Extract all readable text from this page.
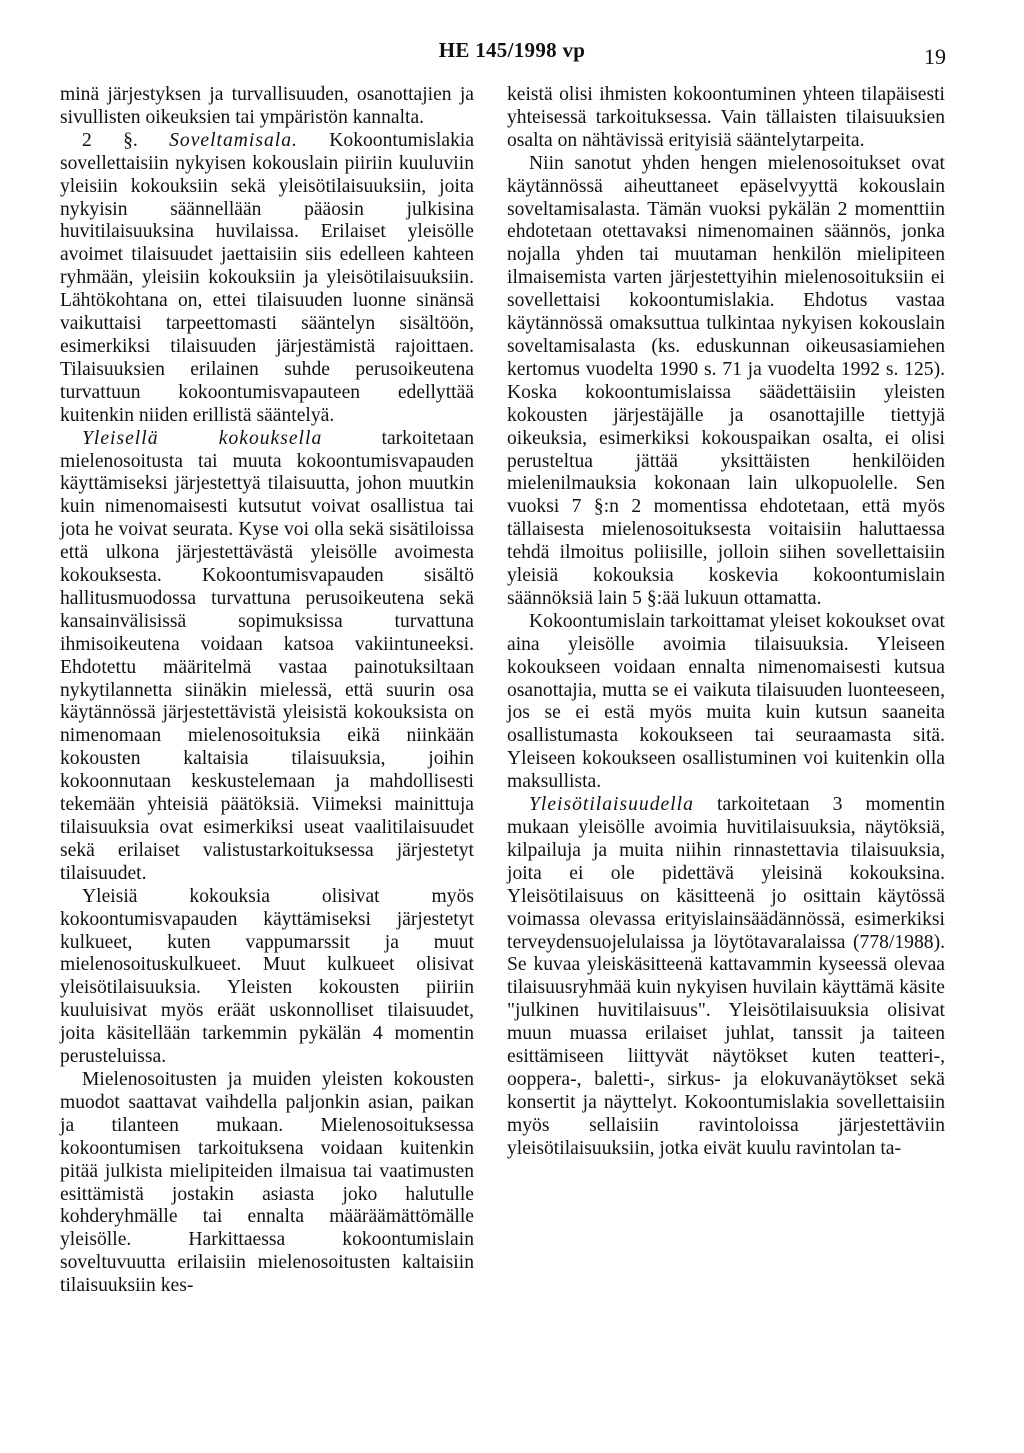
HE 145/1998 vp	19

minä järjestyksen ja turvallisuuden, osanottajien ja sivullisten oikeuksien tai ympäristön kannalta.

2 §. Soveltamisala. Kokoontumislakia sovellettaisiin nykyisen kokouslain piiriin kuuluviin yleisiin kokouksiin sekä yleisötilaisuuksiin, joita nykyisin säännellään pääosin julkisina huvitilaisuuksina huvilaissa. Erilaiset yleisölle avoimet tilaisuudet jaettaisiin siis edelleen kahteen ryhmään, yleisiin kokouksiin ja yleisötilaisuuksiin. Lähtökohtana on, ettei tilaisuuden luonne sinänsä vaikuttaisi tarpeettomasti sääntelyn sisältöön, esimerkiksi tilaisuuden järjestämistä rajoittaen. Tilaisuuksien erilainen suhde perusoikeutena turvattuun kokoontumisvapauteen edellyttää kuitenkin niiden erillistä sääntelyä.

Yleisellä kokouksella	tarkoitetaan mielenosoitusta tai muuta kokoontumisvapauden käyttämiseksi järjestettyä tilaisuutta, johon muutkin kuin nimenomaisesti kutsutut voivat osallistua tai jota he voivat seurata. Kyse voi olla sekä sisätiloissa että ulkona järjestettävästä yleisölle avoimesta kokouksesta. Kokoontumisvapauden sisältö hallitusmuodossa turvattuna perusoikeutena sekä kansainvälisissä sopimuksissa turvattuna ihmisoikeutena voidaan katsoa vakiintuneeksi. Ehdotettu määritelmä vastaa painotuksiltaan nykytilannetta siinäkin mielessä, että suurin osa käytännössä järjestettävistä yleisistä kokouksista on nimenomaan mielenosoituksia eikä niinkään kokousten kaltaisia tilaisuuksia, joihin kokoonnutaan keskustelemaan ja mahdollisesti tekemään yhteisiä päätöksiä. Viimeksi mainittuja tilaisuuksia ovat esimerkiksi useat vaalitilaisuudet sekä erilaiset valistustarkoituksessa järjestetyt tilaisuudet.

Yleisiä kokouksia olisivat myös kokoontumisvapauden käyttämiseksi järjestetyt kulkueet, kuten vappumarssit ja muut mielenosoituskulkueet. Muut kulkueet olisivat yleisötilaisuuksia. Yleisten kokousten piiriin kuuluisivat myös eräät uskonnolliset tilaisuudet, joita käsitellään tarkemmin pykälän 4 momentin perusteluissa.

Mielenosoitusten ja muiden yleisten kokousten muodot saattavat vaihdella paljonkin asian, paikan ja tilanteen mukaan. Mielenosoituksessa kokoontumisen tarkoituksena voidaan kuitenkin pitää julkista mielipiteiden ilmaisua tai vaatimusten esittämistä jostakin asiasta joko halutulle kohderyhmälle tai ennalta määräämättömälle yleisölle. Harkittaessa kokoontumislain soveltuvuutta erilaisiin mielenosoitusten kaltaisiin tilaisuuksiin kes-

keistä olisi ihmisten kokoontuminen yhteen tilapäisesti yhteisessä tarkoituksessa. Vain tällaisten tilaisuuksien osalta on nähtävissä erityisiä sääntelytarpeita.

Niin sanotut yhden hengen mielenosoitukset ovat käytännössä aiheuttaneet epäselvyyttä kokouslain soveltamisalasta. Tämän vuoksi pykälän 2 momenttiin ehdotetaan otettavaksi nimenomainen säännös, jonka nojalla yhden tai muutaman henkilön mielipiteen ilmaisemista varten järjestettyihin mielenosoituksiin ei sovellettaisi kokoontumislakia. Ehdotus vastaa käytännössä omaksuttua tulkintaa nykyisen kokouslain soveltamisalasta (ks. eduskunnan oikeusasiamiehen kertomus vuodelta 1990 s. 71 ja vuodelta 1992 s. 125). Koska kokoontumislaissa säädettäisiin yleisten kokousten järjestäjälle ja osanottajille tiettyjä oikeuksia, esimerkiksi kokouspaikan osalta, ei olisi perusteltua jättää yksittäisten henkilöiden mielenilmauksia kokonaan lain ulkopuolelle. Sen vuoksi 7 §:n 2 momentissa ehdotetaan, että myös tällaisesta mielenosoituksesta voitaisiin haluttaessa tehdä ilmoitus poliisille, jolloin siihen sovellettaisiin yleisiä kokouksia koskevia kokoontumislain säännöksiä lain 5 §:ää lukuun ottamatta.

Kokoontumislain tarkoittamat yleiset kokoukset ovat aina yleisölle avoimia tilaisuuksia. Yleiseen kokoukseen voidaan ennalta nimenomaisesti kutsua osanottajia, mutta se ei vaikuta tilaisuuden luonteeseen, jos se ei estä myös muita kuin kutsun saaneita osallistumasta kokoukseen tai seuraamasta sitä. Yleiseen kokoukseen osallistuminen voi kuitenkin olla maksullista.

Yleisötilaisuudella tarkoitetaan 3 momentin mukaan yleisölle avoimia huvitilaisuuksia, näytöksiä, kilpailuja ja muita niihin rinnastettavia tilaisuuksia, joita ei ole pidettävä yleisinä kokouksina. Yleisötilaisuus on käsitteenä jo osittain käytössä voimassa olevassa erityislainsäädännössä, esimerkiksi terveydensuojelulaissa ja löytötavaralaissa (778/1988). Se kuvaa yleiskäsitteenä kattavammin kyseessä olevaa tilaisuusryhmää kuin nykyisen huvilain käyttämä käsite "julkinen huvitilaisuus". Yleisötilaisuuksia olisivat muun muassa erilaiset juhlat, tanssit ja taiteen esittämiseen liittyvät näytökset kuten teatteri-, ooppera-, baletti-, sirkus- ja elokuvanäytökset sekä konsertit ja näyttelyt. Kokoontumislakia sovellettaisiin myös sellaisiin ravintoloissa järjestettäviin yleisötilaisuuksiin, jotka eivät kuulu ravintolan ta-
